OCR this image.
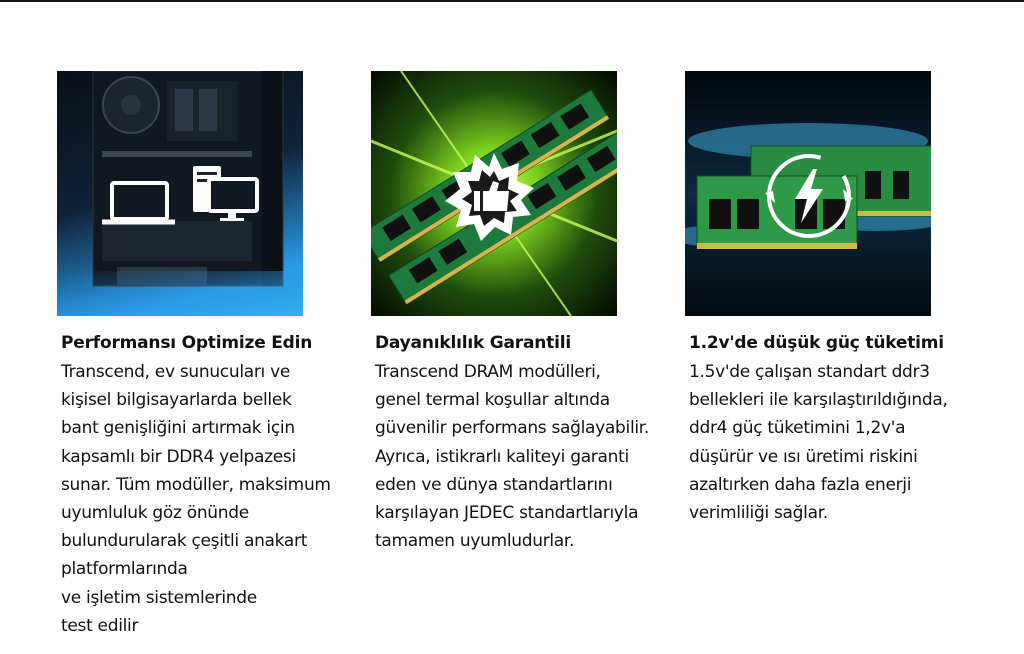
Performansı Optimize Edin

Transcend, ev sunucuları ve
kişisel bilgisayarlarda bellek
bant genişliğini artırmak için
kapsamlı bir DDR4 yelpazesi
sunar. Tüm modüller, maksimum
uyumluluk göz önünde
bulundurularak çeşitli anakart
platformlarında
ve işletim sistemlerinde
test edilir

Dayanıklılık Garantili

Transcend DRAM modülleri,
genel termal koşullar altında
güvenilir performans sağlayabilir.
Ayrıca, istikrarlı kaliteyi garanti
eden ve dünya standartlarını
karşılayan JEDEC standartlarıyla
tamamen uyumludurlar.

1.2v'de düşük güç tüketimi

1.5v'de çalışan standart ddr3
bellekleri ile karşılaştırıldığında,
ddr4 güç tüketimini 1,2v'a
düşürür ve ısı üretimi riskini
azaltırken daha fazla enerji
verimliliği sağlar.
